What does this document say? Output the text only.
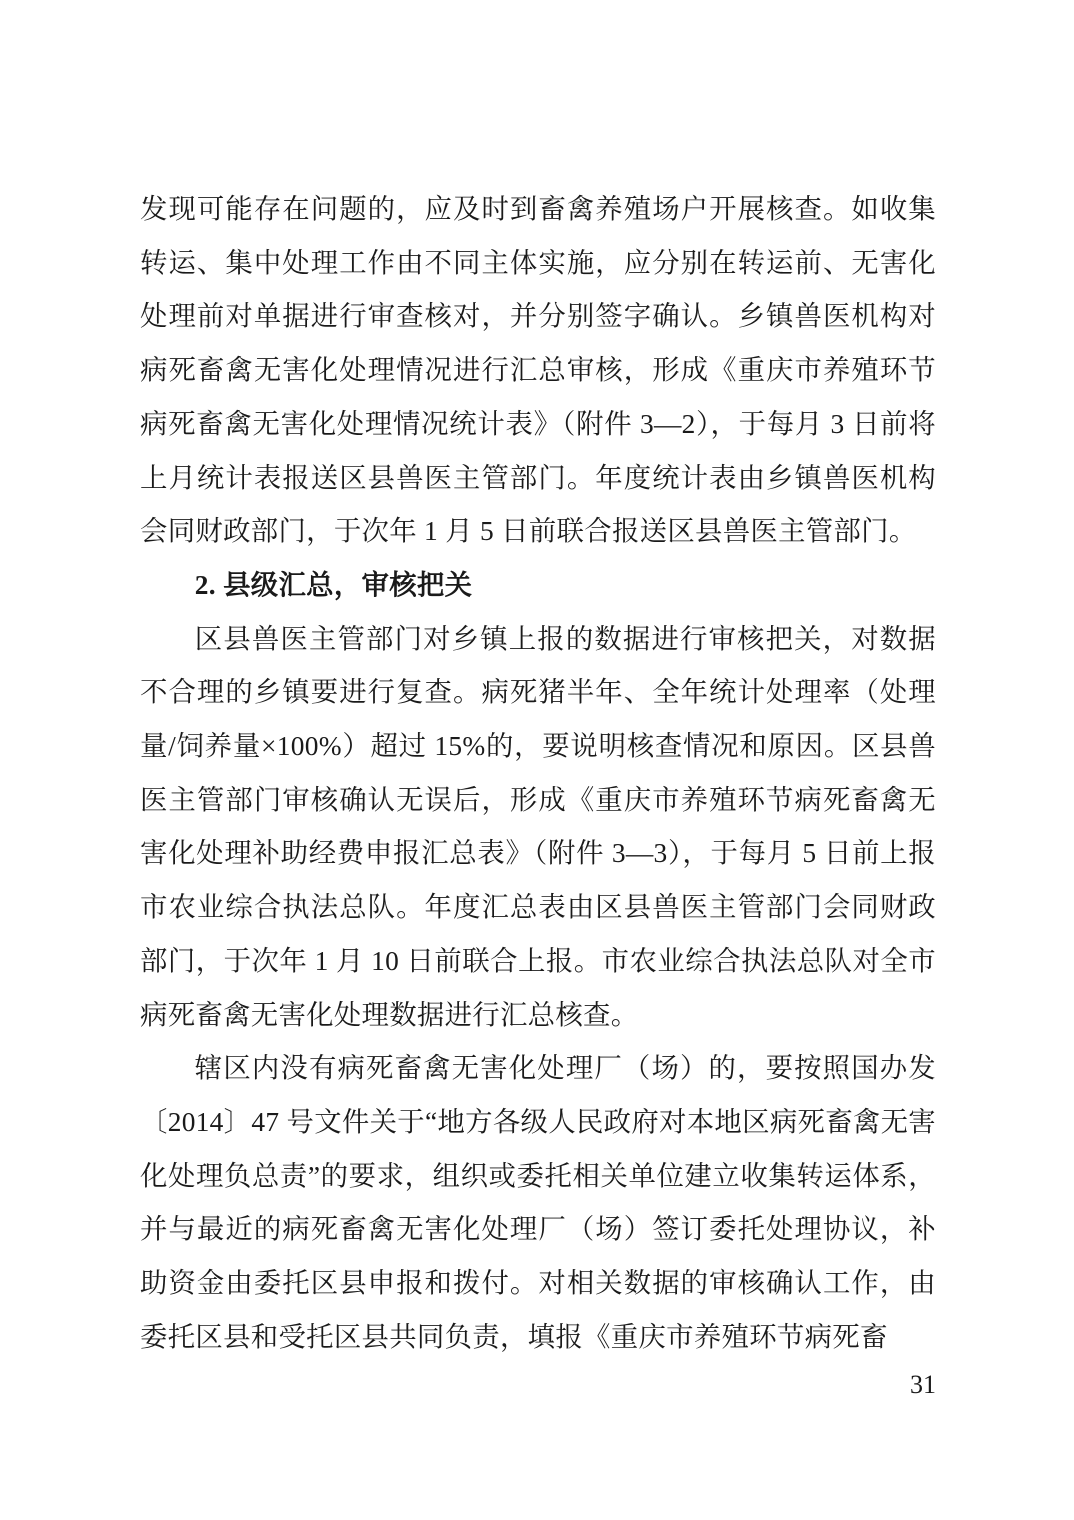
发现可能存在问题的，应及时到畜禽养殖场户开展核查。如收集转运、集中处理工作由不同主体实施，应分别在转运前、无害化处理前对单据进行审查核对，并分别签字确认。乡镇兽医机构对病死畜禽无害化处理情况进行汇总审核，形成《重庆市养殖环节病死畜禽无害化处理情况统计表》（附件 3—2），于每月 3 日前将上月统计表报送区县兽医主管部门。年度统计表由乡镇兽医机构会同财政部门，于次年 1 月 5 日前联合报送区县兽医主管部门。

2. 县级汇总，审核把关

区县兽医主管部门对乡镇上报的数据进行审核把关，对数据不合理的乡镇要进行复查。病死猪半年、全年统计处理率（处理量/饲养量×100%）超过 15%的，要说明核查情况和原因。区县兽医主管部门审核确认无误后，形成《重庆市养殖环节病死畜禽无害化处理补助经费申报汇总表》（附件 3—3），于每月 5 日前上报市农业综合执法总队。年度汇总表由区县兽医主管部门会同财政部门，于次年 1 月 10 日前联合上报。市农业综合执法总队对全市病死畜禽无害化处理数据进行汇总核查。

辖区内没有病死畜禽无害化处理厂（场）的，要按照国办发〔2014〕47 号文件关于“地方各级人民政府对本地区病死畜禽无害化处理负总责”的要求，组织或委托相关单位建立收集转运体系，并与最近的病死畜禽无害化处理厂（场）签订委托处理协议，补助资金由委托区县申报和拨付。对相关数据的审核确认工作，由委托区县和受托区县共同负责，填报《重庆市养殖环节病死畜

31
